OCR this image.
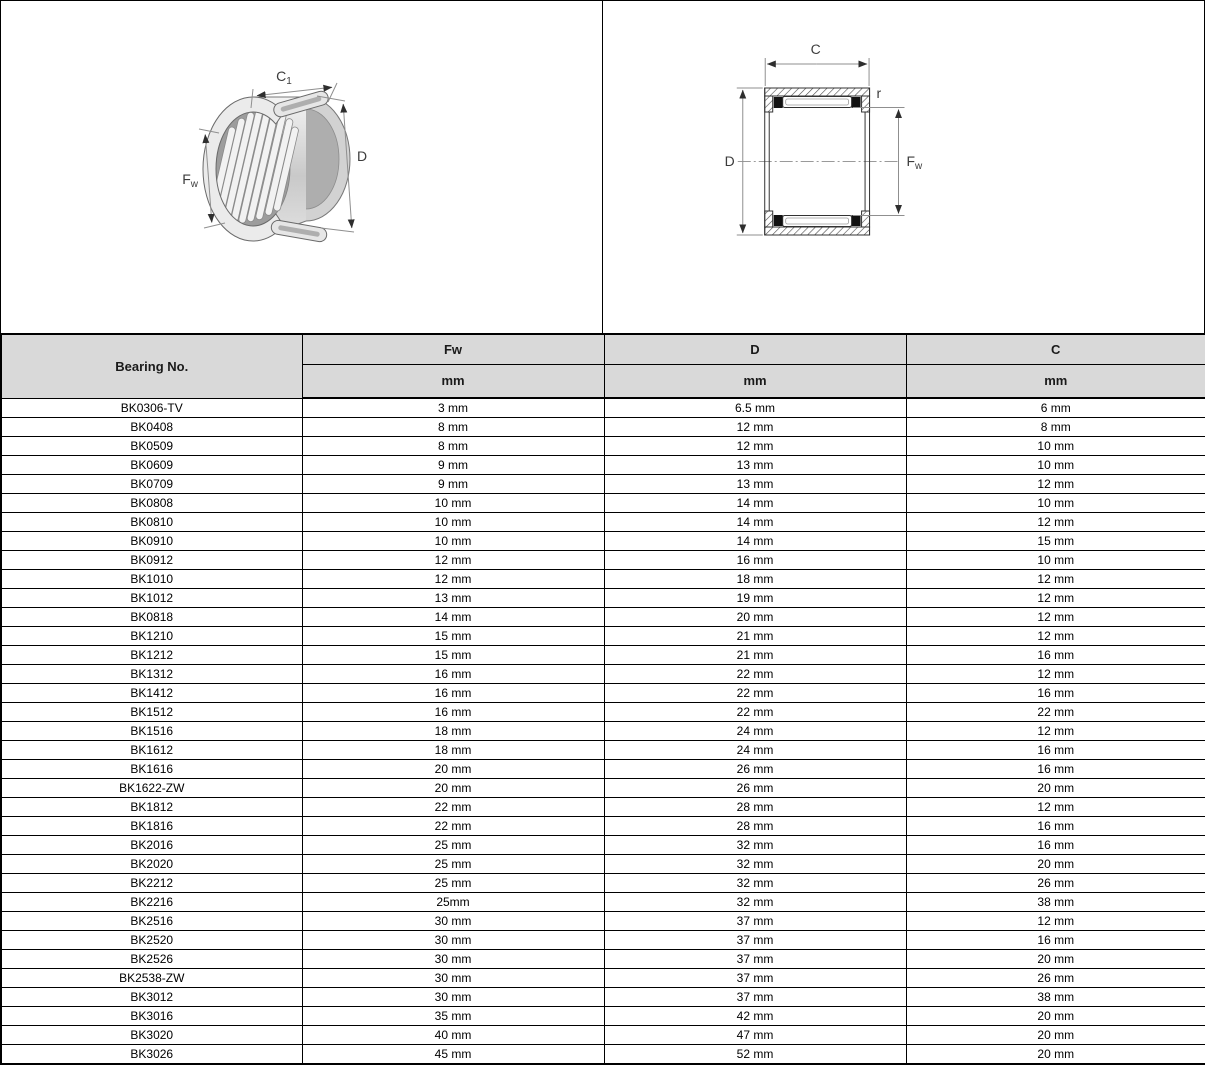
$C_1$
D
$F_w$
C
r
D	$F_w$
Bearing No.	Fw	D	C
	mm	mm	mm
BK0306-TV	3 mm	6.5 mm	6 mm
BK0408	8 mm	12 mm	8 mm
BK0509	8 mm	12 mm	10 mm
BK0609	9 mm	13 mm	10 mm
BK0709	9 mm	13 mm	12 mm
BK0808	10 mm	14 mm	10 mm
BK0810	10 mm	14 mm	12 mm
BK0910	10 mm	14 mm	15 mm
BK0912	12 mm	16 mm	10 mm
BK1010	12 mm	18 mm	12 mm
BK1012	13 mm	19 mm	12 mm
BK0818	14 mm	20 mm	12 mm
BK1210	15 mm	21 mm	12 mm
BK1212	15 mm	21 mm	16 mm
BK1312	16 mm	22 mm	12 mm
BK1412	16 mm	22 mm	16 mm
BK1512	16 mm	22 mm	22 mm
BK1516	18 mm	24 mm	12 mm
BK1612	18 mm	24 mm	16 mm
BK1616	20 mm	26 mm	16 mm
BK1622-ZW	20 mm	26 mm	20 mm
BK1812	22 mm	28 mm	12 mm
BK1816	22 mm	28 mm	16 mm
BK2016	25 mm	32 mm	16 mm
BK2020	25 mm	32 mm	20 mm
BK2212	25 mm	32 mm	26 mm
BK2216	25mm	32 mm	38 mm
BK2516	30 mm	37 mm	12 mm
BK2520	30 mm	37 mm	16 mm
BK2526	30 mm	37 mm	20 mm
BK2538-ZW	30 mm	37 mm	26 mm
BK3012	30 mm	37 mm	38 mm
BK3016	35 mm	42 mm	20 mm
BK3020	40 mm	47 mm	20 mm
BK3026	45 mm	52 mm	20 mm
